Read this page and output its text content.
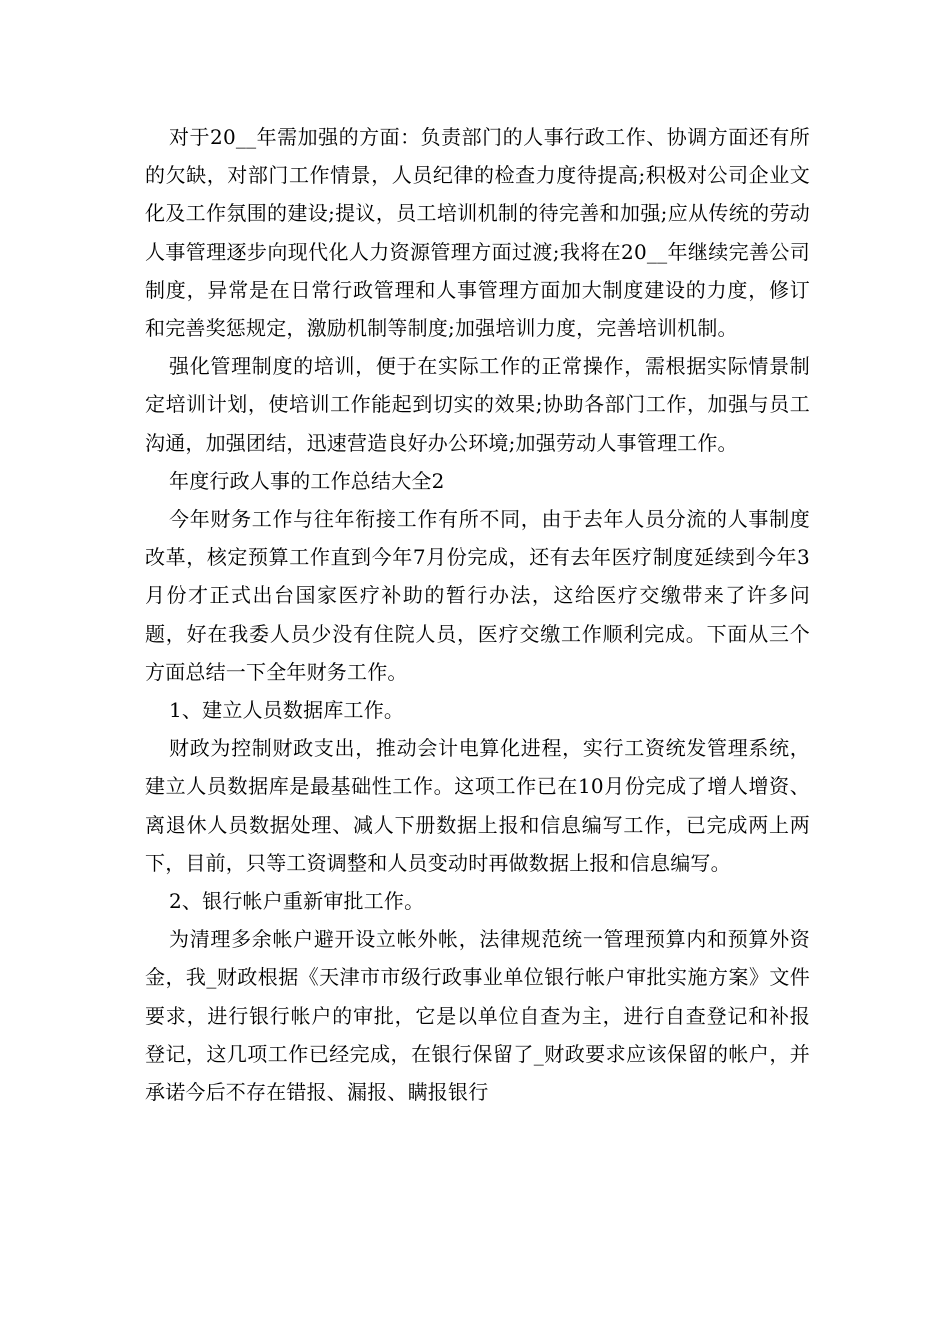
对于20__年需加强的方面：负责部门的人事行政工作、协调方面还有所的欠缺，对部门工作情景，人员纪律的检查力度待提高;积极对公司企业文化及工作氛围的建设;提议，员工培训机制的待完善和加强;应从传统的劳动人事管理逐步向现代化人力资源管理方面过渡;我将在20__年继续完善公司制度，异常是在日常行政管理和人事管理方面加大制度建设的力度，修订和完善奖惩规定，激励机制等制度;加强培训力度，完善培训机制。

强化管理制度的培训，便于在实际工作的正常操作，需根据实际情景制定培训计划，使培训工作能起到切实的效果;协助各部门工作，加强与员工沟通，加强团结，迅速营造良好办公环境;加强劳动人事管理工作。

年度行政人事的工作总结大全2

今年财务工作与往年衔接工作有所不同，由于去年人员分流的人事制度改革，核定预算工作直到今年7月份完成，还有去年医疗制度延续到今年3月份才正式出台国家医疗补助的暂行办法，这给医疗交缴带来了许多问题，好在我委人员少没有住院人员，医疗交缴工作顺利完成。下面从三个方面总结一下全年财务工作。

1、建立人员数据库工作。

财政为控制财政支出，推动会计电算化进程，实行工资统发管理系统，建立人员数据库是最基础性工作。这项工作已在10月份完成了增人增资、离退休人员数据处理、减人下册数据上报和信息编写工作，已完成两上两下，目前，只等工资调整和人员变动时再做数据上报和信息编写。

2、银行帐户重新审批工作。

为清理多余帐户避开设立帐外帐，法律规范统一管理预算内和预算外资金，我_财政根据《天津市市级行政事业单位银行帐户审批实施方案》文件要求，进行银行帐户的审批，它是以单位自查为主，进行自查登记和补报登记，这几项工作已经完成，在银行保留了_财政要求应该保留的帐户，并承诺今后不存在错报、漏报、瞒报银行
